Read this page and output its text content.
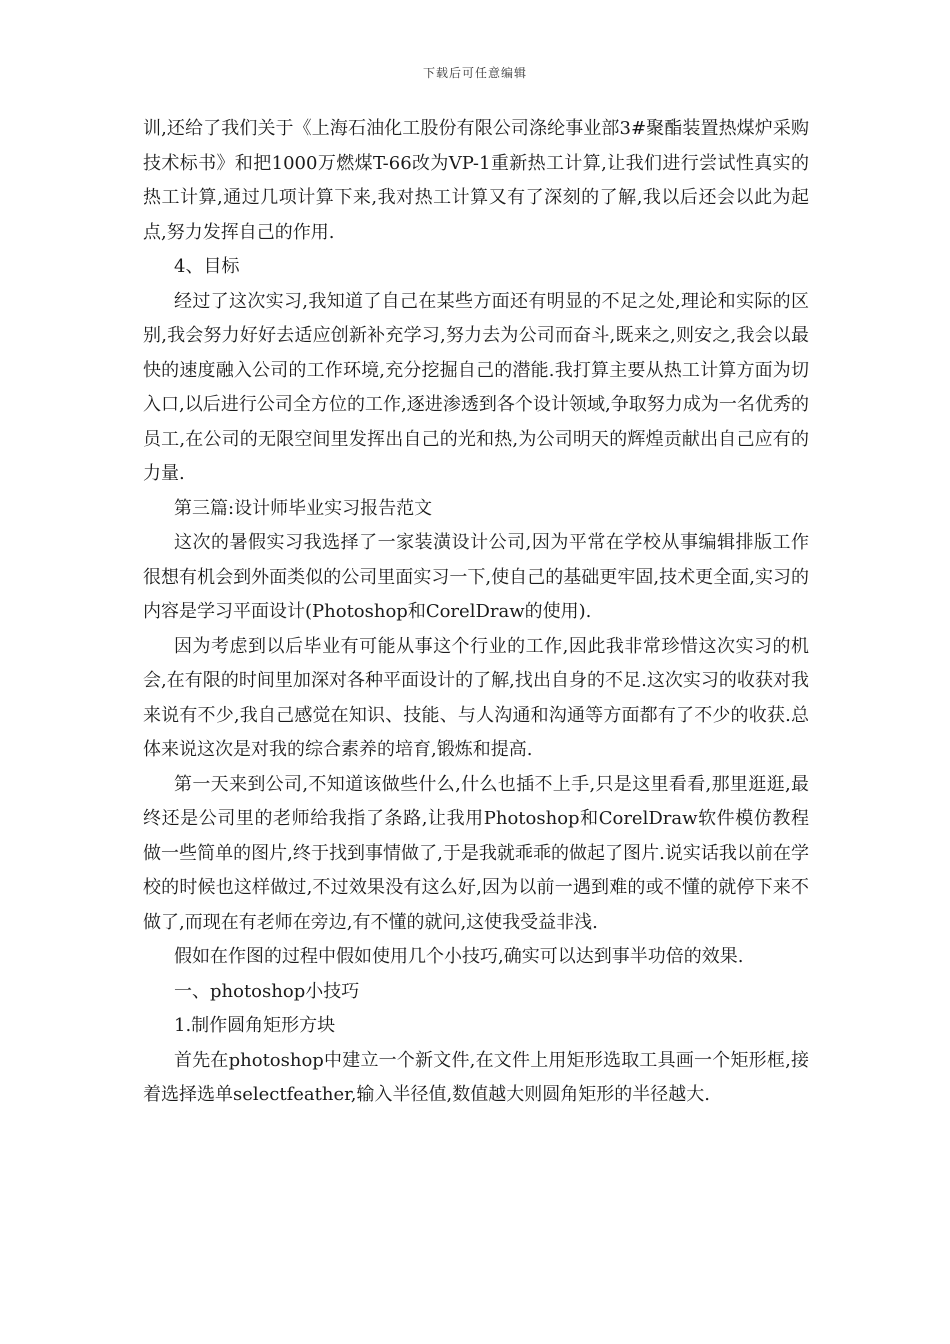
下载后可任意编辑

训,还给了我们关于《上海石油化工股份有限公司涤纶事业部3#聚酯装置热煤炉采购技术标书》和把1000万燃煤T-66改为VP-1重新热工计算,让我们进行尝试性真实的热工计算,通过几项计算下来,我对热工计算又有了深刻的了解,我以后还会以此为起点,努力发挥自己的作用.

4、目标

经过了这次实习,我知道了自己在某些方面还有明显的不足之处,理论和实际的区别,我会努力好好去适应创新补充学习,努力去为公司而奋斗,既来之,则安之,我会以最快的速度融入公司的工作环境,充分挖掘自己的潜能.我打算主要从热工计算方面为切入口,以后进行公司全方位的工作,逐进渗透到各个设计领域,争取努力成为一名优秀的员工,在公司的无限空间里发挥出自己的光和热,为公司明天的辉煌贡献出自己应有的力量.

第三篇:设计师毕业实习报告范文

这次的暑假实习我选择了一家装潢设计公司,因为平常在学校从事编辑排版工作很想有机会到外面类似的公司里面实习一下,使自己的基础更牢固,技术更全面,实习的内容是学习平面设计(Photoshop和CorelDraw的使用).

因为考虑到以后毕业有可能从事这个行业的工作,因此我非常珍惜这次实习的机会,在有限的时间里加深对各种平面设计的了解,找出自身的不足.这次实习的收获对我来说有不少,我自己感觉在知识、技能、与人沟通和沟通等方面都有了不少的收获.总体来说这次是对我的综合素养的培育,锻炼和提高.

第一天来到公司,不知道该做些什么,什么也插不上手,只是这里看看,那里逛逛,最终还是公司里的老师给我指了条路,让我用Photoshop和CorelDraw软件模仿教程做一些简单的图片,终于找到事情做了,于是我就乖乖的做起了图片.说实话我以前在学校的时候也这样做过,不过效果没有这么好,因为以前一遇到难的或不懂的就停下来不做了,而现在有老师在旁边,有不懂的就问,这使我受益非浅.

假如在作图的过程中假如使用几个小技巧,确实可以达到事半功倍的效果.

一、photoshop小技巧

1.制作圆角矩形方块

首先在photoshop中建立一个新文件,在文件上用矩形选取工具画一个矩形框,接着选择选单selectfeather,输入半径值,数值越大则圆角矩形的半径越大.
